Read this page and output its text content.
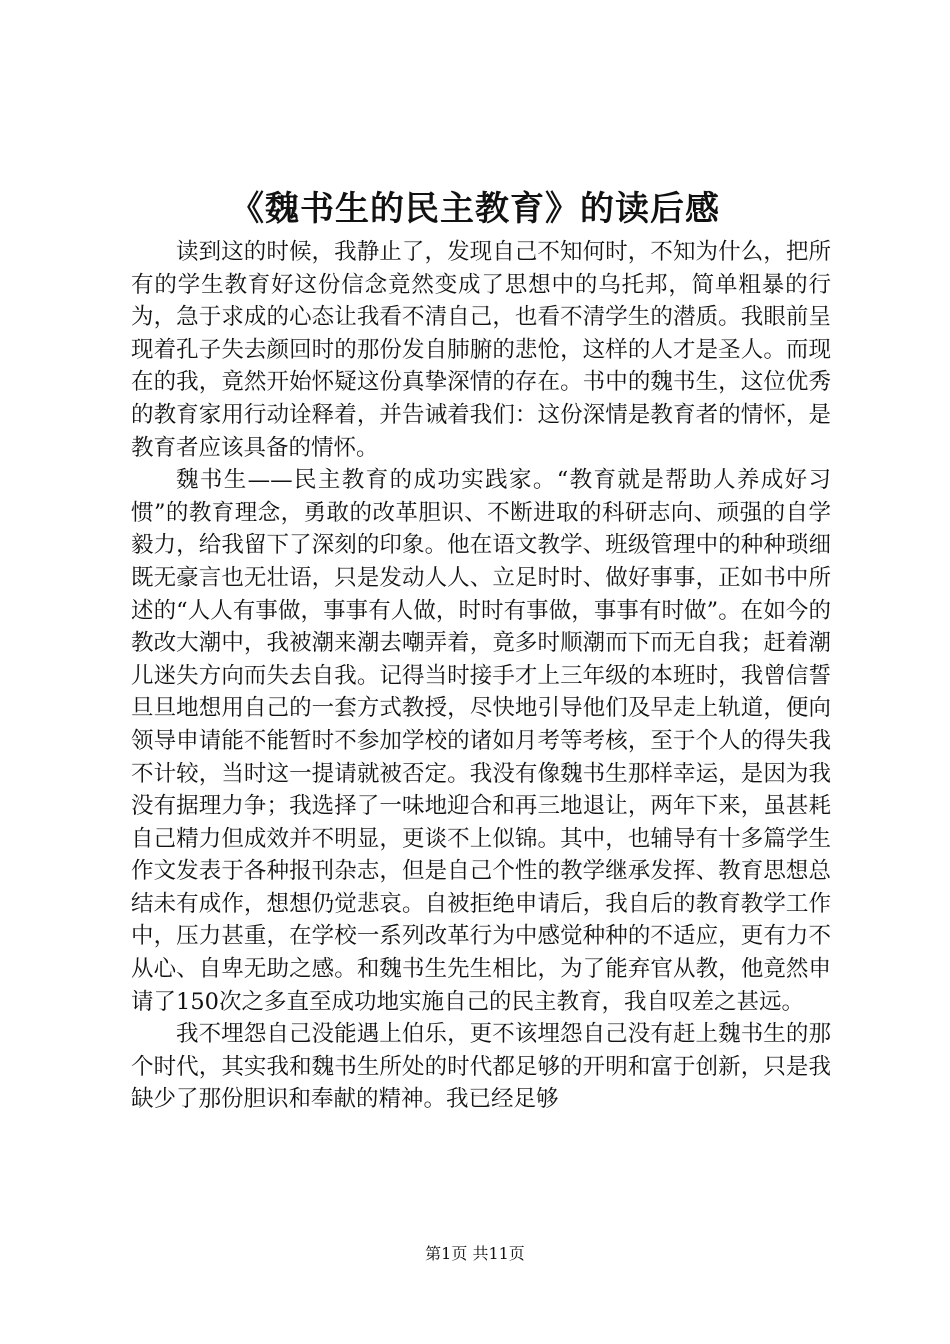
《魏书生的民主教育》的读后感

读到这的时候，我静止了，发现自己不知何时，不知为什么，把所有的学生教育好这份信念竟然变成了思想中的乌托邦，简单粗暴的行为，急于求成的心态让我看不清自己，也看不清学生的潜质。我眼前呈现着孔子失去颜回时的那份发自肺腑的悲怆，这样的人才是圣人。而现在的我，竟然开始怀疑这份真挚深情的存在。书中的魏书生，这位优秀的教育家用行动诠释着，并告诫着我们：这份深情是教育者的情怀，是教育者应该具备的情怀。

魏书生——民主教育的成功实践家。“教育就是帮助人养成好习惯”的教育理念，勇敢的改革胆识、不断进取的科研志向、顽强的自学毅力，给我留下了深刻的印象。他在语文教学、班级管理中的种种琐细既无豪言也无壮语，只是发动人人、立足时时、做好事事，正如书中所述的“人人有事做，事事有人做，时时有事做，事事有时做”。在如今的教改大潮中，我被潮来潮去嘲弄着，竟多时顺潮而下而无自我；赶着潮儿迷失方向而失去自我。记得当时接手才上三年级的本班时，我曾信誓旦旦地想用自己的一套方式教授，尽快地引导他们及早走上轨道，便向领导申请能不能暂时不参加学校的诸如月考等考核，至于个人的得失我不计较，当时这一提请就被否定。我没有像魏书生那样幸运，是因为我没有据理力争；我选择了一味地迎合和再三地退让，两年下来，虽甚耗自己精力但成效并不明显，更谈不上似锦。其中，也辅导有十多篇学生作文发表于各种报刊杂志，但是自己个性的教学继承发挥、教育思想总结未有成作，想想仍觉悲哀。自被拒绝申请后，我自后的教育教学工作中，压力甚重，在学校一系列改革行为中感觉种种的不适应，更有力不从心、自卑无助之感。和魏书生先生相比，为了能弃官从教，他竟然申请了150次之多直至成功地实施自己的民主教育，我自叹差之甚远。

我不埋怨自己没能遇上伯乐，更不该埋怨自己没有赶上魏书生的那个时代，其实我和魏书生所处的时代都足够的开明和富于创新，只是我缺少了那份胆识和奉献的精神。我已经足够

第1页 共11页
